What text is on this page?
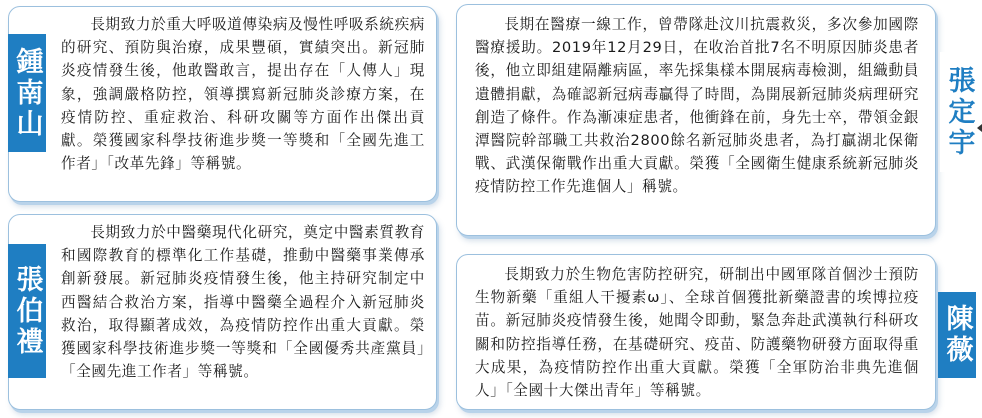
長期致力於重大呼吸道傳染病及慢性呼吸系統疾病的研究、預防與治療，成果豐碩，實績突出。新冠肺炎疫情發生後，他敢醫敢言，提出存在「人傳人」現象，強調嚴格防控，領導撰寫新冠肺炎診療方案，在疫情防控、重症救治、科研攻關等方面作出傑出貢獻。榮獲國家科學技術進步獎一等獎和「全國先進工作者」「改革先鋒」等稱號。
鍾南山
長期致力於中醫藥現代化研究，奠定中醫素質教育和國際教育的標準化工作基礎，推動中醫藥事業傳承創新發展。新冠肺炎疫情發生後，他主持研究制定中西醫結合救治方案，指導中醫藥全過程介入新冠肺炎救治，取得顯著成效，為疫情防控作出重大貢獻。榮獲國家科學技術進步獎一等獎和「全國優秀共產黨員」「全國先進工作者」等稱號。
張伯禮
長期在醫療一線工作，曾帶隊赴汶川抗震救災，多次參加國際醫療援助。2019年12月29日，在收治首批7名不明原因肺炎患者後，他立即組建隔離病區，率先採集樣本開展病毒檢測，組織動員遺體捐獻，為確認新冠病毒贏得了時間，為開展新冠肺炎病理研究創造了條件。作為漸凍症患者，他衝鋒在前，身先士卒，帶領金銀潭醫院幹部職工共救治2800餘名新冠肺炎患者，為打贏湖北保衛戰、武漢保衛戰作出重大貢獻。榮獲「全國衛生健康系統新冠肺炎疫情防控工作先進個人」稱號。
張定宇
長期致力於生物危害防控研究，研制出中國軍隊首個沙士預防生物新藥「重組人干擾素ω」、全球首個獲批新藥證書的埃博拉疫苗。新冠肺炎疫情發生後，她聞令即動，緊急奔赴武漢執行科研攻關和防控指導任務，在基礎研究、疫苗、防護藥物研發方面取得重大成果，為疫情防控作出重大貢獻。榮獲「全軍防治非典先進個人」「全國十大傑出青年」等稱號。
陳薇
